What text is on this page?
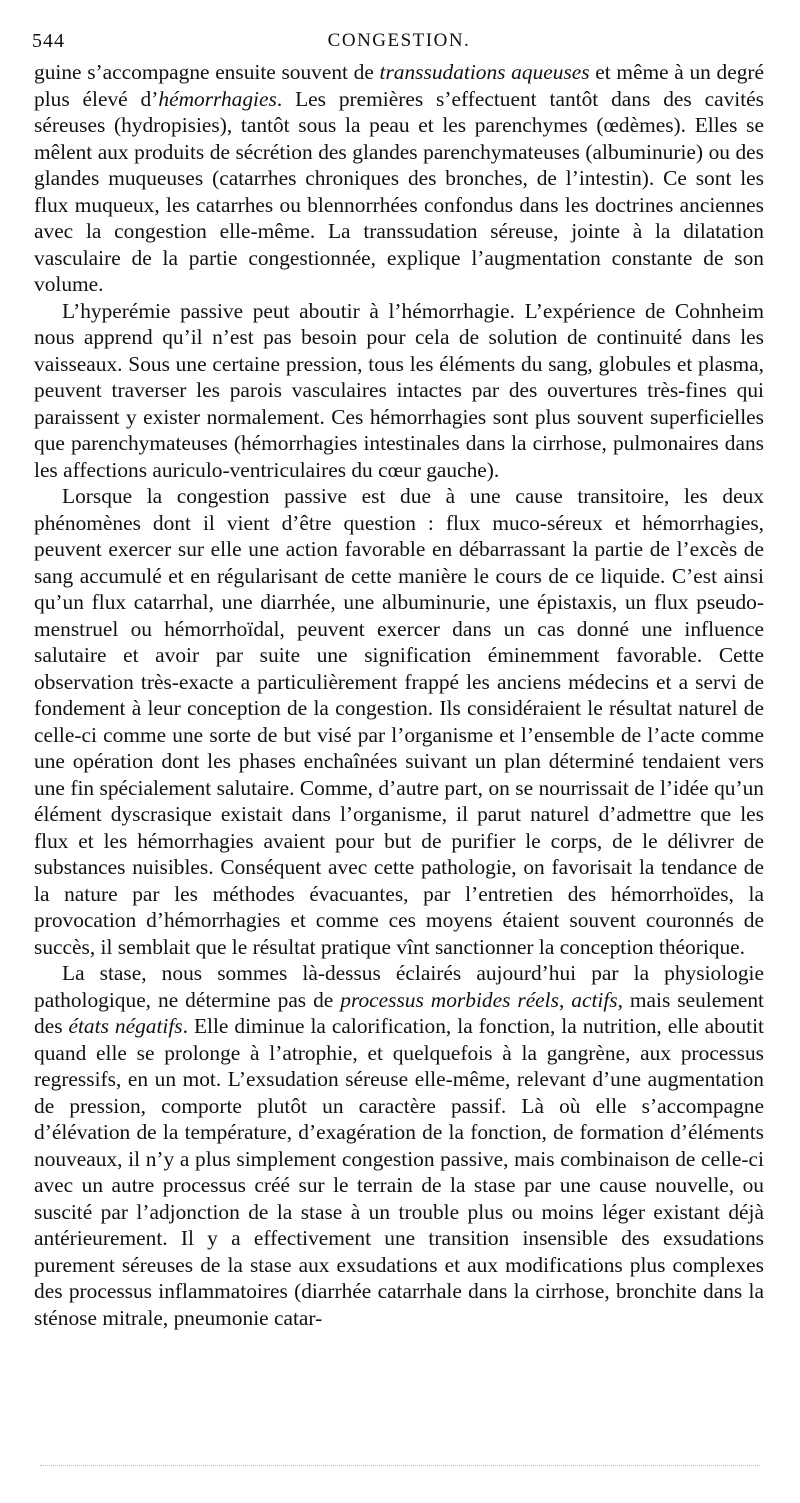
544	CONGESTION.

guine s’accompagne ensuite souvent de transsudations aqueuses et même à un degré plus élevé d’hémorrhagies. Les premières s’effectuent tantôt dans des cavités séreuses (hydropisies), tantôt sous la peau et les parenchymes (œdèmes). Elles se mêlent aux produits de sécrétion des glandes parenchymateuses (albuminurie) ou des glandes muqueuses (catarrhes chroniques des bronches, de l’intestin). Ce sont les flux muqueux, les catarrhes ou blennorrhées confondus dans les doctrines anciennes avec la congestion elle-même. La transsudation séreuse, jointe à la dilatation vasculaire de la partie congestionnée, explique l’augmentation constante de son volume.

L’hyperémie passive peut aboutir à l’hémorrhagie. L’expérience de Cohnheim nous apprend qu’il n’est pas besoin pour cela de solution de continuité dans les vaisseaux. Sous une certaine pression, tous les éléments du sang, globules et plasma, peuvent traverser les parois vasculaires intactes par des ouvertures très-fines qui paraissent y exister normalement. Ces hémorrhagies sont plus souvent superficielles que parenchymateuses (hémorrhagies intestinales dans la cirrhose, pulmonaires dans les affections auriculo-ventriculaires du cœur gauche).

Lorsque la congestion passive est due à une cause transitoire, les deux phénomènes dont il vient d’être question : flux muco-séreux et hémorrhagies, peuvent exercer sur elle une action favorable en débarrassant la partie de l’excès de sang accumulé et en régularisant de cette manière le cours de ce liquide. C’est ainsi qu’un flux catarrhal, une diarrhée, une albuminurie, une épistaxis, un flux pseudo-menstruel ou hémorrhoïdal, peuvent exercer dans un cas donné une influence salutaire et avoir par suite une signification éminemment favorable. Cette observation très-exacte a particulièrement frappé les anciens médecins et a servi de fondement à leur conception de la congestion. Ils considéraient le résultat naturel de celle-ci comme une sorte de but visé par l’organisme et l’ensemble de l’acte comme une opération dont les phases enchaînées suivant un plan déterminé tendaient vers une fin spécialement salutaire. Comme, d’autre part, on se nourrissait de l’idée qu’un élément dyscrasique existait dans l’organisme, il parut naturel d’admettre que les flux et les hémorrhagies avaient pour but de purifier le corps, de le délivrer de substances nuisibles. Conséquent avec cette pathologie, on favorisait la tendance de la nature par les méthodes évacuantes, par l’entretien des hémorrhoïdes, la provocation d’hémorrhagies et comme ces moyens étaient souvent couronnés de succès, il semblait que le résultat pratique vînt sanctionner la conception théorique.

La stase, nous sommes là-dessus éclairés aujourd’hui par la physiologie pathologique, ne détermine pas de processus morbides réels, actifs, mais seulement des états négatifs. Elle diminue la calorification, la fonction, la nutrition, elle aboutit quand elle se prolonge à l’atrophie, et quelquefois à la gangrène, aux processus regressifs, en un mot. L’exsudation séreuse elle-même, relevant d’une augmentation de pression, comporte plutôt un caractère passif. Là où elle s’accompagne d’élévation de la température, d’exagération de la fonction, de formation d’éléments nouveaux, il n’y a plus simplement congestion passive, mais combinaison de celle-ci avec un autre processus créé sur le terrain de la stase par une cause nouvelle, ou suscité par l’adjonction de la stase à un trouble plus ou moins léger existant déjà antérieurement. Il y a effectivement une transition insensible des exsudations purement séreuses de la stase aux exsudations et aux modifications plus complexes des processus inflammatoires (diarrhée catarrhale dans la cirrhose, bronchite dans la sténose mitrale, pneumonie catar-
